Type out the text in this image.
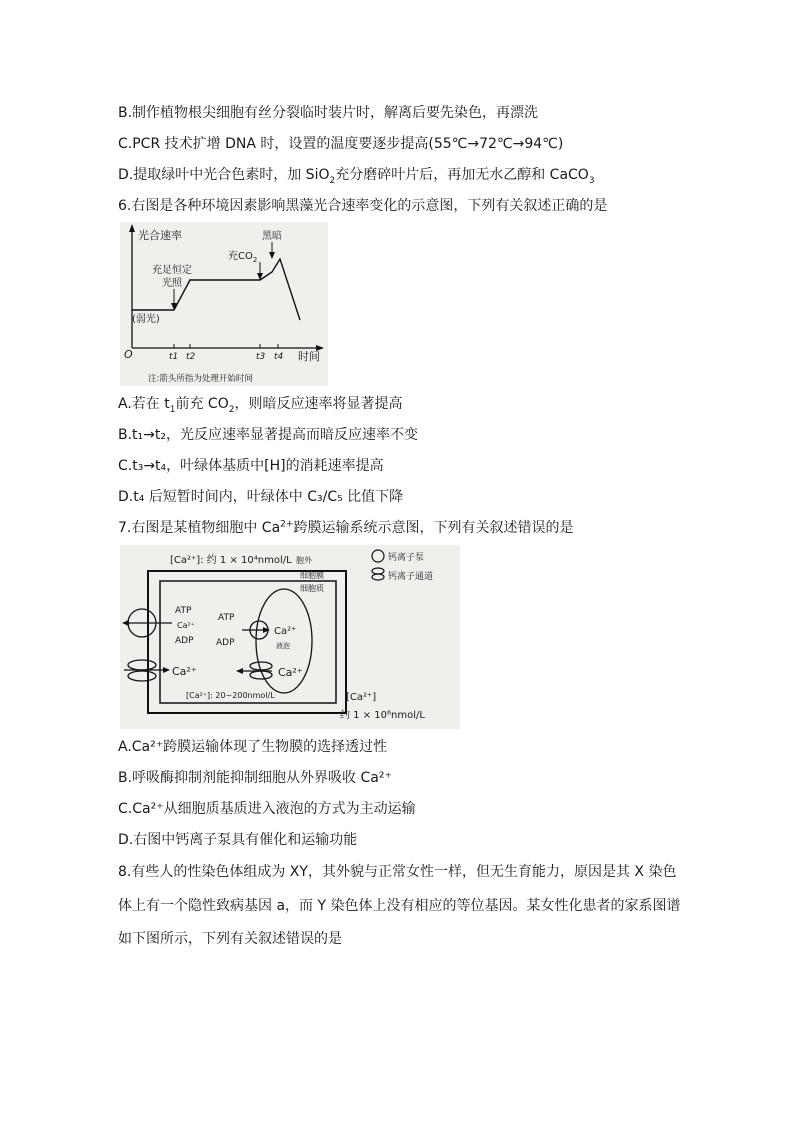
B.制作植物根尖细胞有丝分裂临时装片时，解离后要先染色，再漂洗
C.PCR 技术扩增 DNA 时，设置的温度要逐步提高(55℃→72℃→94℃)
D.提取绿叶中光合色素时，加 SiO$_2$充分磨碎叶片后，再加无水乙醇和 CaCO$_3$
6.右图是各种环境因素影响黑藻光合速率变化的示意图，下列有关叙述正确的是
光合速率
时间
O	t1 t2	t3 t4
(弱光)
充足恒定
光照
充$CO_2$
黑暗
注:箭头所指为处理开始时间
A.若在 $t_1$前充 $CO_2$，则暗反应速率将显著提高
B.t₁→t₂，光反应速率显著提高而暗反应速率不变
C.t₃→t₄，叶绿体基质中[H]的消耗速率提高
D.t₄ 后短暂时间内，叶绿体中 C₃/C₅ 比值下降
7.右图是某植物细胞中 $Ca^{2+}$跨膜运输系统示意图，下列有关叙述错误的是
[Ca²⁺]: 约 1 × 10⁴nmol/L 胞外
细胞膜
细胞质
钙离子泵
钙离子通道
ATP
Ca²⁺
ADP
Ca²⁺
液泡
ATP
ADP
Ca²⁺
Ca²⁺
[Ca²⁺]: 20~200nmol/L	[Ca²⁺]
约 1 × 10⁶nmol/L
A.Ca²⁺跨膜运输体现了生物膜的选择透过性
B.呼吸酶抑制剂能抑制细胞从外界吸收 Ca²⁺
C.Ca²⁺从细胞质基质进入液泡的方式为主动运输
D.右图中钙离子泵具有催化和运输功能
8.有些人的性染色体组成为 XY，其外貌与正常女性一样，但无生育能力，原因是其 X 染色
体上有一个隐性致病基因 a，而 Y 染色体上没有相应的等位基因。某女性化患者的家系图谱
如下图所示，下列有关叙述错误的是
